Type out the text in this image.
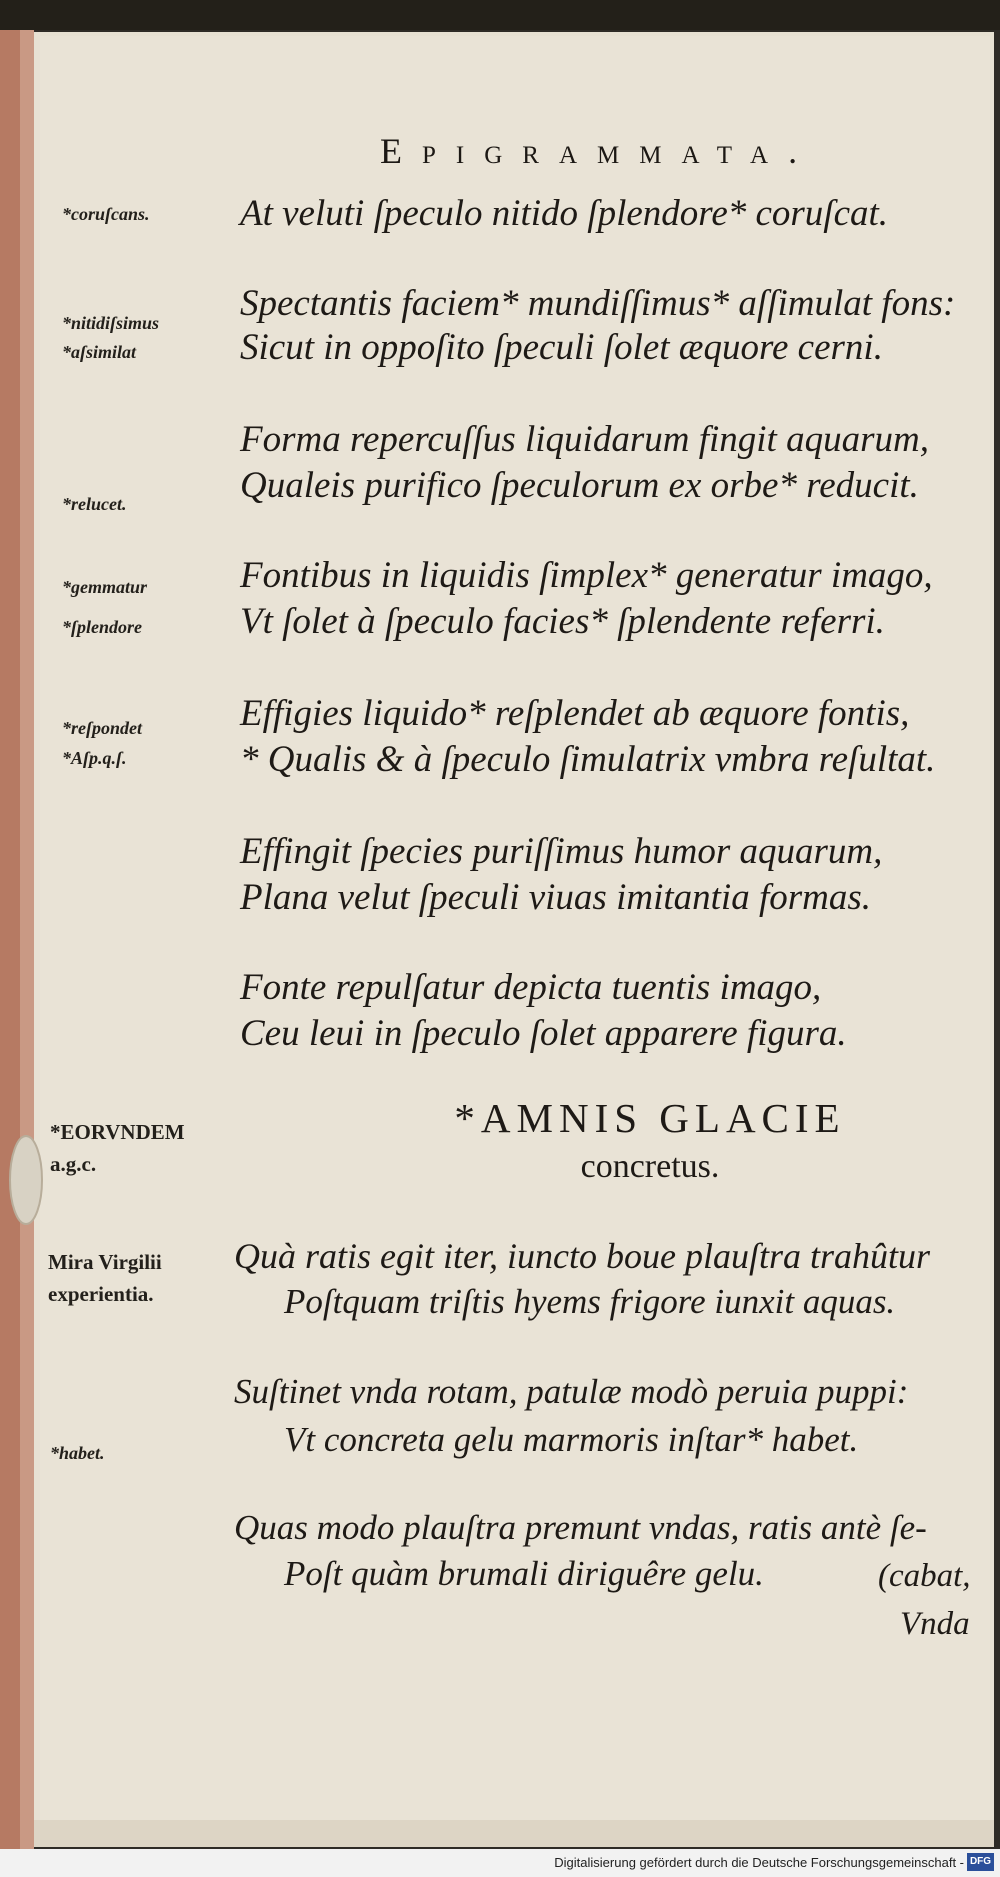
Epigrammata.
*coruſcans.
*nitidiſsimus
*aſsimilat
*relucet.
*gemmatur
*ſplendore
*reſpondet
*Aſp.q.ſ.
*EORVNDEM
a.g.c.
Mira Virgilii
experientia.
*habet.
At veluti ſpeculo nitido ſplendore* coruſcat.
Spectantis faciem* mundiſſimus* aſſimulat fons:
Sicut in oppoſito ſpeculi ſolet æquore cerni.
Forma repercuſſus liquidarum fingit aquarum,
Qualeis purifico ſpeculorum ex orbe* reducit.
Fontibus in liquidis ſimplex* generatur imago,
Vt ſolet à ſpeculo facies* ſplendente referri.
Effigies liquido* reſplendet ab æquore fontis,
* Qualis & à ſpeculo ſimulatrix vmbra reſultat.
Effingit ſpecies puriſſimus humor aquarum,
Plana velut ſpeculi viuas imitantia formas.
Fonte repulſatur depicta tuentis imago,
Ceu leui in ſpeculo ſolet apparere figura.
*AMNIS GLACIE
concretus.
Quà ratis egit iter, iuncto boue plauſtra trahûtur
Poſtquam triſtis hyems frigore iunxit aquas.
Suſtinet vnda rotam, patulæ modò peruia puppi:
Vt concreta gelu marmoris inſtar* habet.
Quas modo plauſtra premunt vndas, ratis antè ſe-
Poſt quàm brumali diriguêre gelu.	(cabat,
Vnda
Digitalisierung gefördert durch die Deutsche Forschungsgemeinschaft - DFG
